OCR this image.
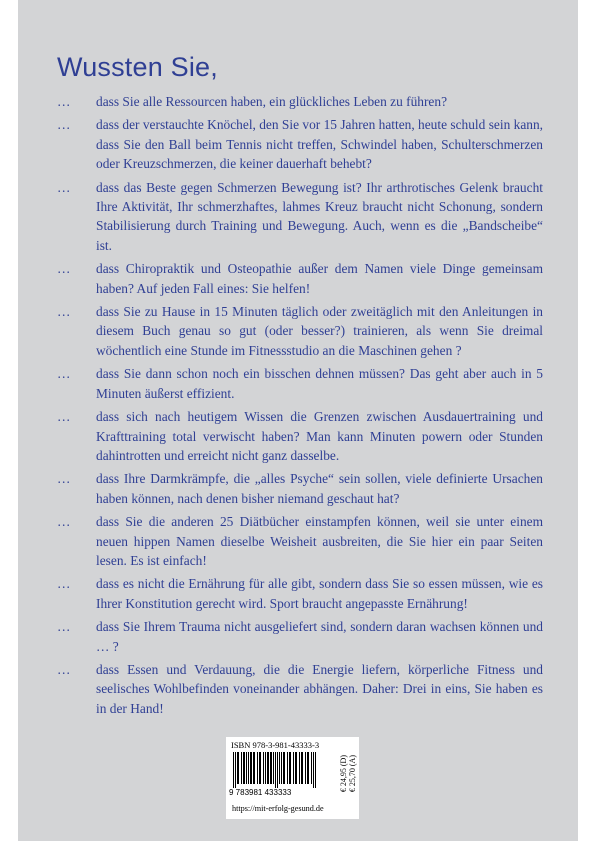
Wussten Sie,
… dass Sie alle Ressourcen haben, ein glückliches Leben zu führen?
… dass der verstauchte Knöchel, den Sie vor 15 Jahren hatten, heute schuld sein kann, dass Sie den Ball beim Tennis nicht treffen, Schwindel haben, Schulterschmerzen oder Kreuzschmerzen, die keiner dauerhaft behebt?
… dass das Beste gegen Schmerzen Bewegung ist? Ihr arthrotisches Gelenk braucht Ihre Aktivität, Ihr schmerzhaftes, lahmes Kreuz braucht nicht Schonung, sondern Stabilisierung durch Training und Bewegung. Auch, wenn es die „Bandscheibe“ ist.
… dass Chiropraktik und Osteopathie außer dem Namen viele Dinge gemeinsam haben? Auf jeden Fall eines: Sie helfen!
… dass Sie zu Hause in 15 Minuten täglich oder zweitäglich mit den Anleitungen in diesem Buch genau so gut (oder besser?) trainieren, als wenn Sie dreimal wöchentlich eine Stunde im Fitnessstudio an die Maschinen gehen ?
… dass Sie dann schon noch ein bisschen dehnen müssen? Das geht aber auch in 5 Minuten äußerst effizient.
… dass sich nach heutigem Wissen die Grenzen zwischen Ausdauertraining und Krafttraining total verwischt haben? Man kann Minuten powern oder Stunden dahintrotten und erreicht nicht ganz dasselbe.
… dass Ihre Darmkrämpfe, die „alles Psyche“ sein sollen, viele definierte Ursachen haben können, nach denen bisher niemand geschaut hat?
… dass Sie die anderen 25 Diätbücher einstampfen können, weil sie unter einem neuen hippen Namen dieselbe Weisheit ausbreiten, die Sie hier ein paar Seiten lesen. Es ist einfach!
… dass es nicht die Ernährung für alle gibt, sondern dass Sie so essen müssen, wie es Ihrer Konstitution gerecht wird. Sport braucht angepasste Ernährung!
… dass Sie Ihrem Trauma nicht ausgeliefert sind, sondern daran wachsen können und … ?
… dass Essen und Verdauung, die die Energie liefern, körperliche Fitness und seelisches Wohlbefinden voneinander abhängen. Daher: Drei in eins, Sie haben es in der Hand!
ISBN 978-3-981-43333-3
9 783981 433333
€ 24,95 (D) € 25,70 (A)
https://mit-erfolg-gesund.de
